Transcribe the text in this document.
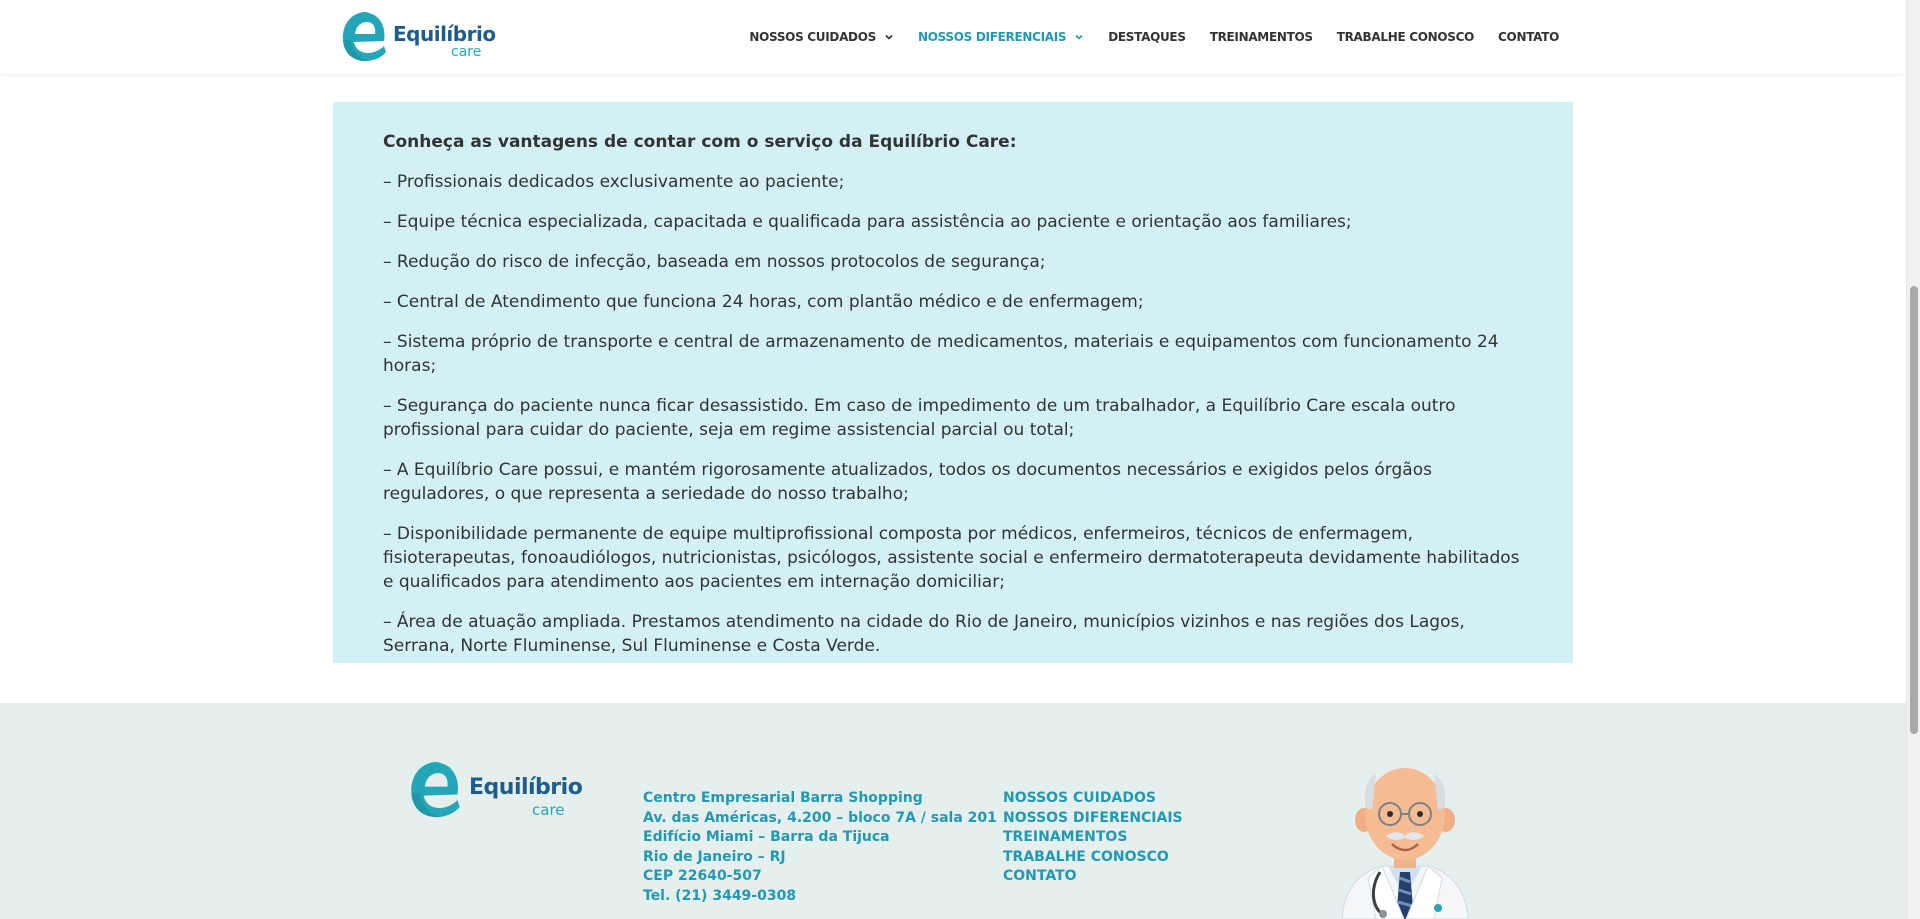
Equilíbrio
care
NOSSOS CUIDADOS	NOSSOS DIFERENCIAIS	DESTAQUES TREINAMENTOS TRABALHE CONOSCO CONTATO

Conheça as vantagens de contar com o serviço da Equilíbrio Care:

– Profissionais dedicados exclusivamente ao paciente;

– Equipe técnica especializada, capacitada e qualificada para assistência ao paciente e orientação aos familiares;

– Redução do risco de infecção, baseada em nossos protocolos de segurança;

– Central de Atendimento que funciona 24 horas, com plantão médico e de enfermagem;

– Sistema próprio de transporte e central de armazenamento de medicamentos, materiais e equipamentos com funcionamento 24 horas;

– Segurança do paciente nunca ficar desassistido. Em caso de impedimento de um trabalhador, a Equilíbrio Care escala outro profissional para cuidar do paciente, seja em regime assistencial parcial ou total;

– A Equilíbrio Care possui, e mantém rigorosamente atualizados, todos os documentos necessários e exigidos pelos órgãos reguladores, o que representa a seriedade do nosso trabalho;

– Disponibilidade permanente de equipe multiprofissional composta por médicos, enfermeiros, técnicos de enfermagem, fisioterapeutas, fonoaudiólogos, nutricionistas, psicólogos, assistente social e enfermeiro dermatoterapeuta devidamente habilitados e qualificados para atendimento aos pacientes em internação domiciliar;

– Área de atuação ampliada. Prestamos atendimento na cidade do Rio de Janeiro, municípios vizinhos e nas regiões dos Lagos, Serrana, Norte Fluminense, Sul Fluminense e Costa Verde.

Equilíbrio
care
Centro Empresarial Barra Shopping
Av. das Américas, 4.200 – bloco 7A / sala 201
Edifício Miami – Barra da Tijuca
Rio de Janeiro – RJ
CEP 22640-507
Tel. (21) 3449-0308
NOSSOS CUIDADOS
NOSSOS DIFERENCIAIS
TREINAMENTOS
TRABALHE CONOSCO
CONTATO
